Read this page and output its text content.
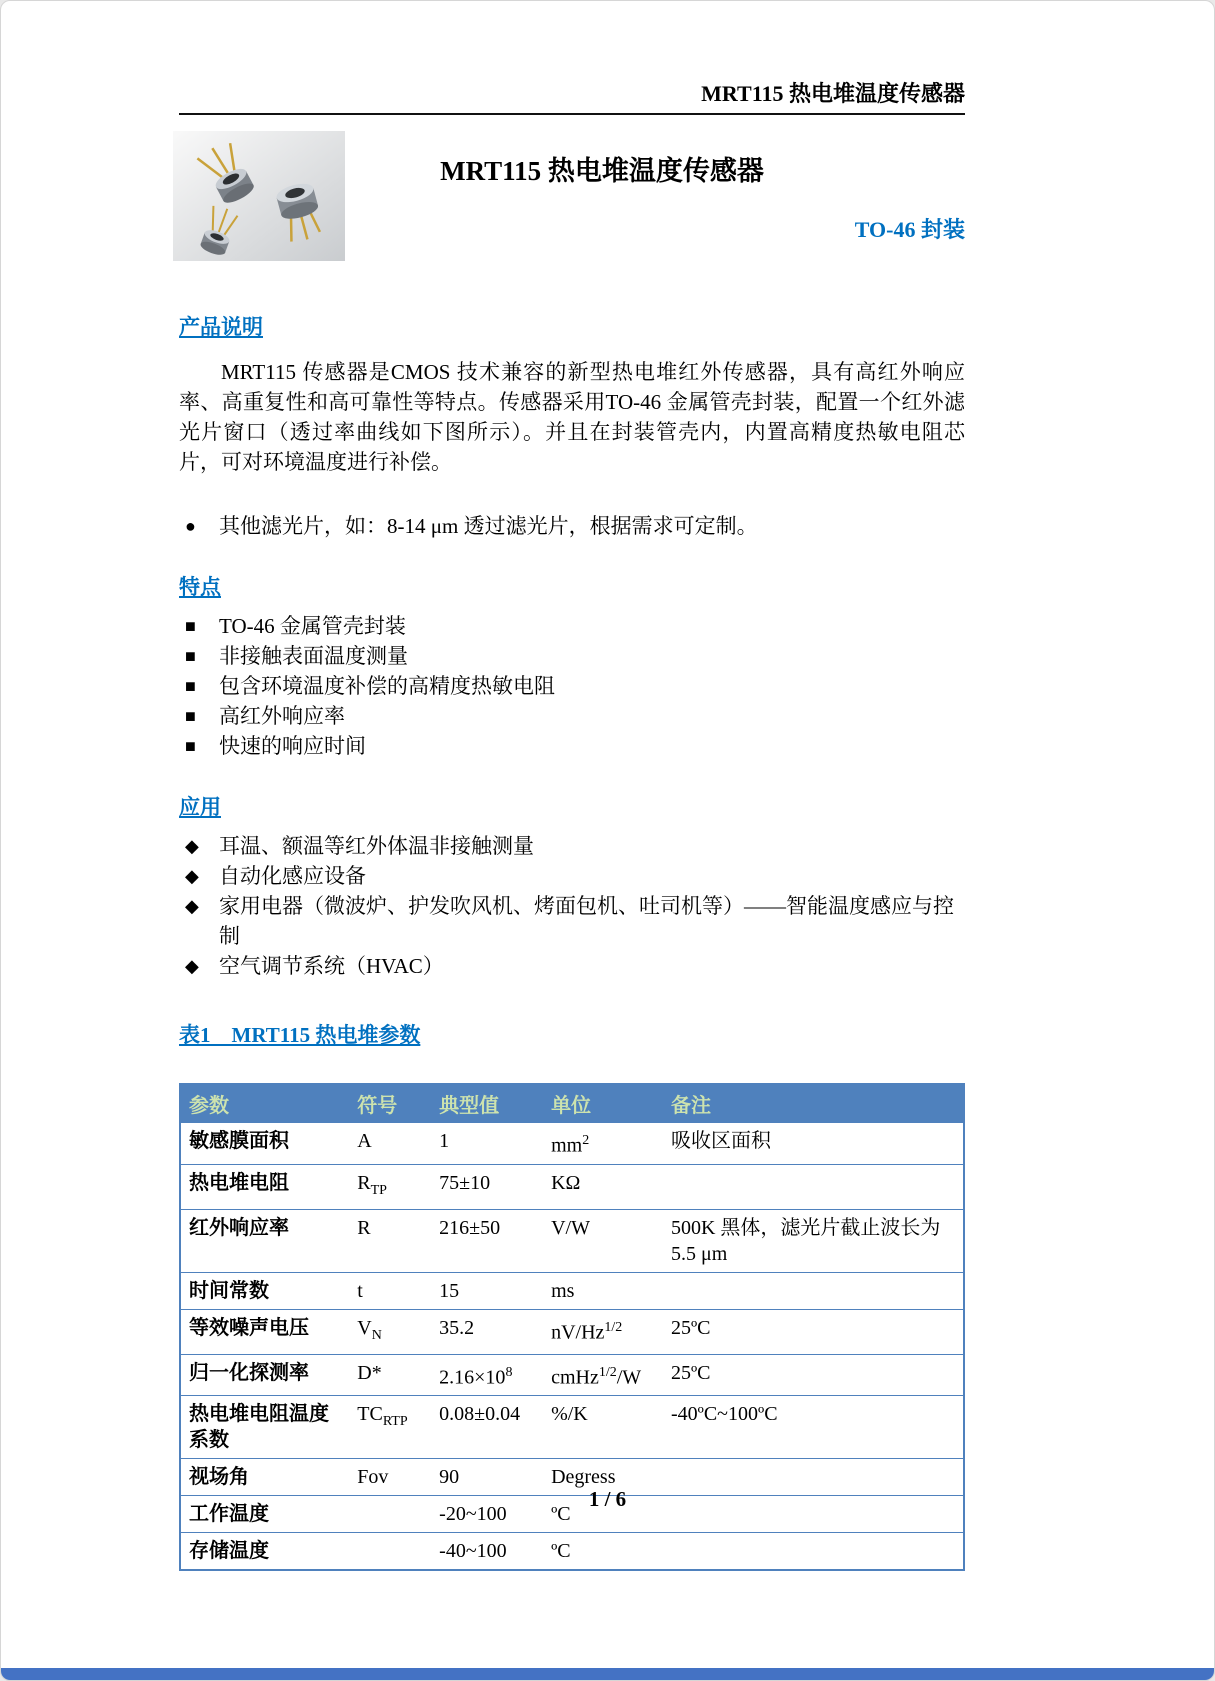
MRT115 热电堆温度传感器
MRT115 热电堆温度传感器
TO-46 封装
产品说明

MRT115 传感器是CMOS 技术兼容的新型热电堆红外传感器，具有高红外响应率、高重复性和高可靠性等特点。传感器采用TO-46 金属管壳封装，配置一个红外滤光片窗口（透过率曲线如下图所示）。并且在封装管壳内，内置高精度热敏电阻芯片，可对环境温度进行补偿。

●	其他滤光片，如：8-14 μm 透过滤光片，根据需求可定制。
特点
■	TO-46 金属管壳封装
■	非接触表面温度测量
■	包含环境温度补偿的高精度热敏电阻
■	高红外响应率
■	快速的响应时间
应用
◆ 耳温、额温等红外体温非接触测量
◆ 自动化感应设备
◆ 家用电器（微波炉、护发吹风机、烤面包机、吐司机等）——智能温度感应与控制
◆ 空气调节系统（HVAC）
表1　MRT115 热电堆参数
参数	符号	典型值	单位	备注
敏感膜面积	A	1	$mm^2$	吸收区面积
热电堆电阻	$R_{TP}$	75±10	KΩ	
红外响应率	R	216±50	V/W	500K 黑体，滤光片截止波长为 5.5 μm
时间常数	t	15	ms	
等效噪声电压	$V_N$	35.2	$nV/Hz^{1/2}$	25ºC
归一化探测率	D*	$2.16\times 10^8$	cmHz$^{1/2}$/W	25ºC
热电堆电阻温度系数	$TC_{RTP}$	0.08±0.04	%/K	-40ºC~100ºC
视场角	Fov	90	Degress	
工作温度		-20~100	ºC	
存储温度		-40~100	ºC	
1 / 6
